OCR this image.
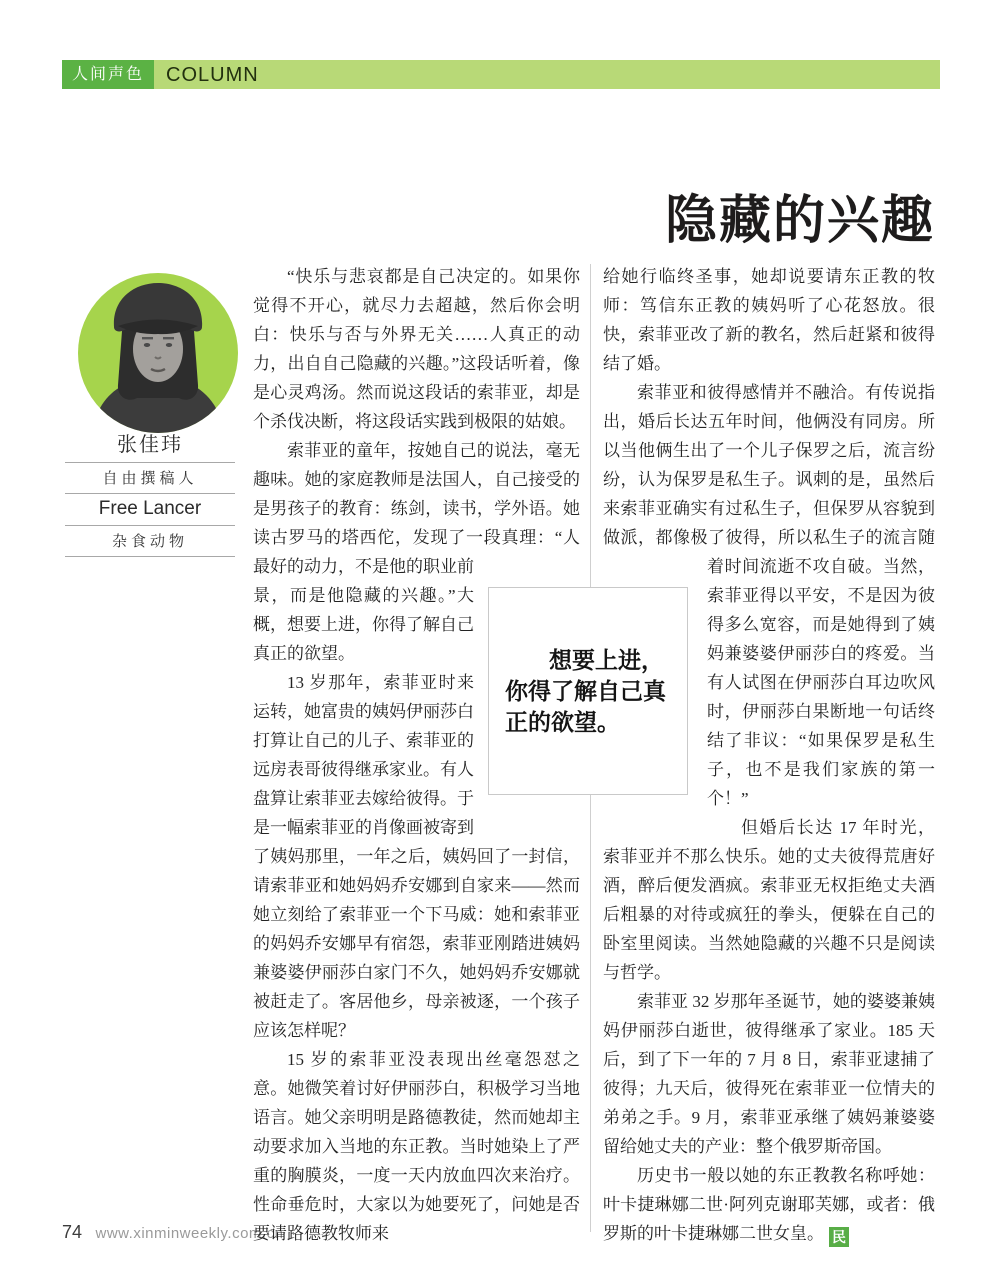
人间声色 COLUMN
隐藏的兴趣
张佳玮
自由撰稿人
Free Lancer
杂食动物

“快乐与悲哀都是自己决定的。如果你觉得不开心，就尽力去超越，然后你会明白：快乐与否与外界无关……人真正的动力，出自自己隐藏的兴趣。”这段话听着，像是心灵鸡汤。然而说这段话的索菲亚，却是个杀伐决断，将这段话实践到极限的姑娘。

索菲亚的童年，按她自己的说法，毫无趣味。她的家庭教师是法国人，自己接受的是男孩子的教育：练剑，读书，学外语。她读古罗马的塔西佗，发现了一段真理：“人最好的动力，不是他的职业前景，而是他隐藏的兴趣。”大概，想要上进，你得了解自己真正的欲望。

13 岁那年，索菲亚时来运转，她富贵的姨妈伊丽莎白打算让自己的儿子、索菲亚的远房表哥彼得继承家业。有人盘算让索菲亚去嫁给彼得。于是一幅索菲亚的肖像画被寄到了姨妈那里，一年之后，姨妈回了一封信，请索菲亚和她妈妈乔安娜到自家来——然而她立刻给了索菲亚一个下马威：她和索菲亚的妈妈乔安娜早有宿怨，索菲亚刚踏进姨妈兼婆婆伊丽莎白家门不久，她妈妈乔安娜就被赶走了。客居他乡，母亲被逐，一个孩子应该怎样呢？

15 岁的索菲亚没表现出丝毫怨怼之意。她微笑着讨好伊丽莎白，积极学习当地语言。她父亲明明是路德教徒，然而她却主动要求加入当地的东正教。当时她染上了严重的胸膜炎，一度一天内放血四次来治疗。性命垂危时，大家以为她要死了，问她是否要请路德教牧师来

给她行临终圣事，她却说要请东正教的牧师：笃信东正教的姨妈听了心花怒放。很快，索菲亚改了新的教名，然后赶紧和彼得结了婚。

索菲亚和彼得感情并不融洽。有传说指出，婚后长达五年时间，他俩没有同房。所以当他俩生出了一个儿子保罗之后，流言纷纷，认为保罗是私生子。讽刺的是，虽然后来索菲亚确实有过私生子，但保罗从容貌到做派，都像极了彼得，所以私生子的流言随着时间流逝不攻自破。当然，索菲亚得以平安，不是因为彼得多么宽容，而是她得到了姨妈兼婆婆伊丽莎白的疼爱。当有人试图在伊丽莎白耳边吹风时，伊丽莎白果断地一句话终结了非议：“如果保罗是私生子，也不是我们家族的第一个！”

但婚后长达 17 年时光，索菲亚并不那么快乐。她的丈夫彼得荒唐好酒，醉后便发酒疯。索菲亚无权拒绝丈夫酒后粗暴的对待或疯狂的拳头，便躲在自己的卧室里阅读。当然她隐藏的兴趣不只是阅读与哲学。

索菲亚 32 岁那年圣诞节，她的婆婆兼姨妈伊丽莎白逝世，彼得继承了家业。185 天后，到了下一年的 7 月 8 日，索菲亚逮捕了彼得；九天后，彼得死在索菲亚一位情夫的弟弟之手。9 月，索菲亚承继了姨妈兼婆婆留给她丈夫的产业：整个俄罗斯帝国。

历史书一般以她的东正教教名称呼她：叶卡捷琳娜二世·阿列克谢耶芙娜，或者：俄罗斯的叶卡捷琳娜二世女皇。 民

想要上进，
你得了解自己真
正的欲望。
74 www.xinminweekly.com.cn
